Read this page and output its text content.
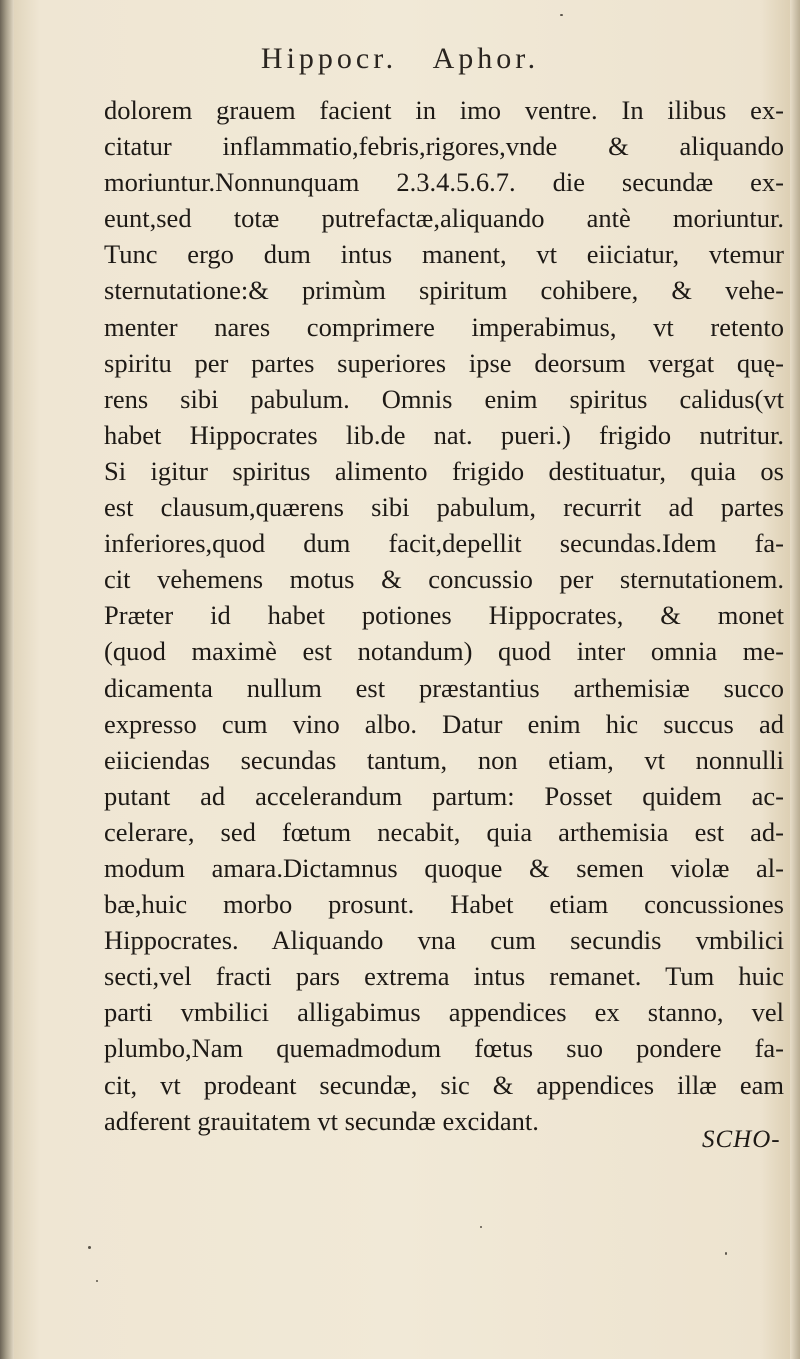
Hippocr. Aphor.
dolorem grauem facient in imo ventre. In ilibus ex-
citatur inflammatio,febris,rigores,vnde & aliquando
moriuntur.Nonnunquam 2.3.4.5.6.7. die secundæ ex-
eunt,sed totæ putrefactæ,aliquando antè moriuntur.
Tunc ergo dum intus manent, vt eiiciatur, vtemur
sternutatione:& primùm spiritum cohibere, & vehe-
menter nares comprimere imperabimus, vt retento
spiritu per partes superiores ipse deorsum vergat quę-
rens sibi pabulum. Omnis enim spiritus calidus(vt
habet Hippocrates lib.de nat. pueri.) frigido nutritur.
Si igitur spiritus alimento frigido destituatur, quia os
est clausum,quærens sibi pabulum, recurrit ad partes
inferiores,quod dum facit,depellit secundas.Idem fa-
cit vehemens motus & concussio per sternutationem.
Præter id habet potiones Hippocrates, & monet
(quod maximè est notandum) quod inter omnia me-
dicamenta nullum est præstantius arthemisiæ succo
expresso cum vino albo. Datur enim hic succus ad
eiiciendas secundas tantum, non etiam, vt nonnulli
putant ad accelerandum partum: Posset quidem ac-
celerare, sed fœtum necabit, quia arthemisia est ad-
modum amara.Dictamnus quoque & semen violæ al-
bæ,huic morbo prosunt. Habet etiam concussiones
Hippocrates. Aliquando vna cum secundis vmbilici
secti,vel fracti pars extrema intus remanet. Tum huic
parti vmbilici alligabimus appendices ex stanno, vel
plumbo,Nam quemadmodum fœtus suo pondere fa-
cit, vt prodeant secundæ, sic & appendices illæ eam
adferent grauitatem vt secundæ excidant.
SCHO-
